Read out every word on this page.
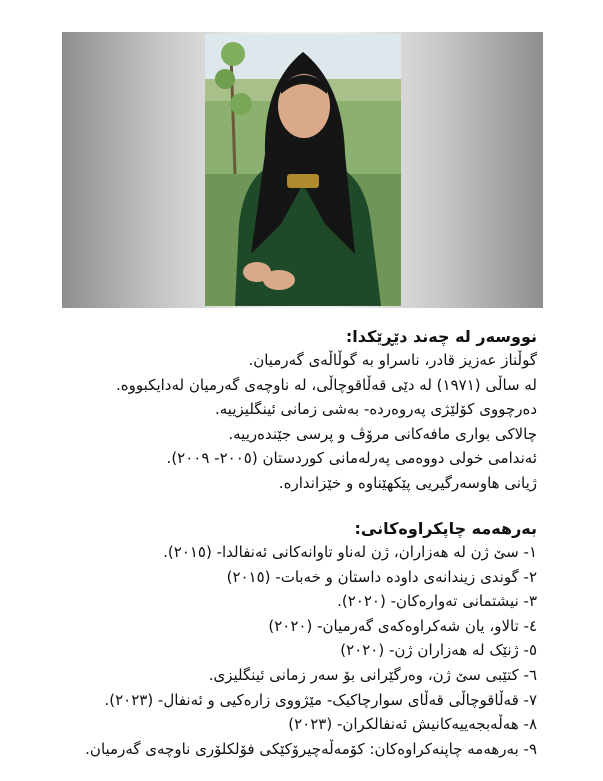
نووسەر لە چەند دێڕێکدا:
گوڵناز عەزیز قادر، ناسراو بە گوڵاڵەی گەرمیان.
لە ساڵی (١٩٧١) لە دێی قەڵاقوچاڵی، لە ناوچەی گەرمیان لەدایکبووە.
دەرچووی کۆلێژی پەروەردە- بەشی زمانی ئینگلیزییە.
چالاکی بواری مافەکانی مرۆڤ و پرسی جێندەرییە.
ئەندامی خولی دووەمی پەرلەمانی کوردستان (٢٠٠٥- ٢٠٠٩).
ژیانی هاوسەرگیریی پێکهێناوە و خێزانداره.
بەرهەمە چاپکراوەکانی:
١- سێ ژن لە هەزاران، ژن لەناو تاوانەکانی ئەنفالدا- (٢٠١٥).
٢- گوندی زیندانەی داودە داستان و خەبات- (٢٠١٥)
٣- نیشتمانی تەوارەکان- (٢٠٢٠).
٤- تالاو، یان شەکراوەکەی گەرمیان- (٢٠٢٠)
٥- ژنێک لە هەزاران ژن- (٢٠٢٠)
٦- کتێبی سێ ژن، وەرگێرانی بۆ سەر زمانی ئینگلیزی.
٧- قەڵاقوچاڵی قەڵای سوارچاکیک- مێژووی زارەکیی و ئەنفال- (٢٠٢٣).
٨- هەڵەبجەییەکانیش ئەنفالکران- (٢٠٢٣)
٩- بەرهەمە چاپنەکراوەکان: کۆمەڵەچیرۆکێکی فۆلکلۆری ناوچەی گەرمیان.
